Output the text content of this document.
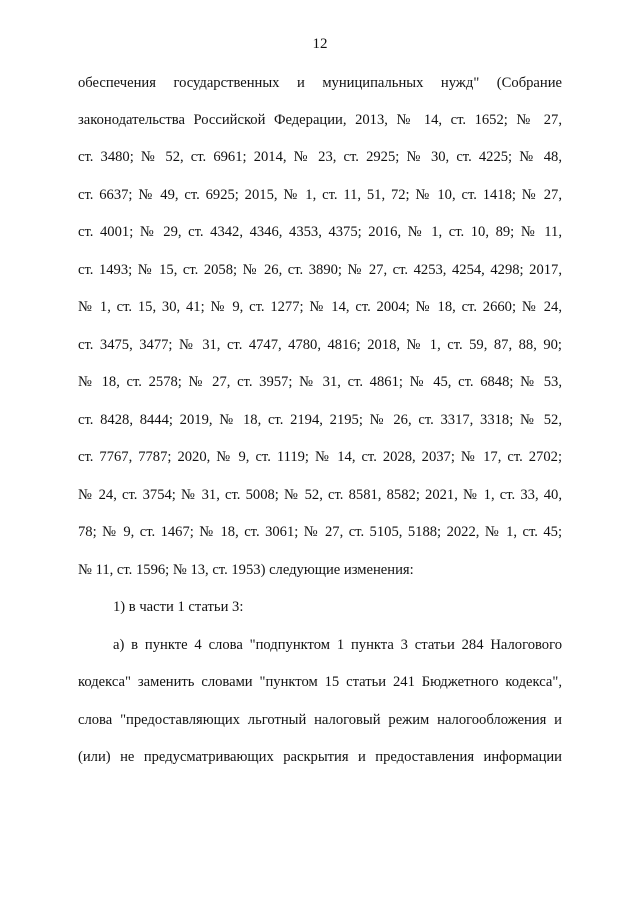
12
обеспечения государственных и муниципальных нужд" (Собрание
законодательства Российской Федерации, 2013, № 14, ст. 1652; № 27,
ст. 3480; № 52, ст. 6961; 2014, № 23, ст. 2925; № 30, ст. 4225; № 48,
ст. 6637; № 49, ст. 6925; 2015, № 1, ст. 11, 51, 72; № 10, ст. 1418; № 27,
ст. 4001; № 29, ст. 4342, 4346, 4353, 4375; 2016, № 1, ст. 10, 89; № 11,
ст. 1493; № 15, ст. 2058; № 26, ст. 3890; № 27, ст. 4253, 4254, 4298; 2017,
№ 1, ст. 15, 30, 41; № 9, ст. 1277; № 14, ст. 2004; № 18, ст. 2660; № 24,
ст. 3475, 3477; № 31, ст. 4747, 4780, 4816; 2018, № 1, ст. 59, 87, 88, 90;
№ 18, ст. 2578; № 27, ст. 3957; № 31, ст. 4861; № 45, ст. 6848; № 53,
ст. 8428, 8444; 2019, № 18, ст. 2194, 2195; № 26, ст. 3317, 3318; № 52,
ст. 7767, 7787; 2020, № 9, ст. 1119; № 14, ст. 2028, 2037; № 17, ст. 2702;
№ 24, ст. 3754; № 31, ст. 5008; № 52, ст. 8581, 8582; 2021, № 1, ст. 33, 40,
78; № 9, ст. 1467; № 18, ст. 3061; № 27, ст. 5105, 5188; 2022, № 1, ст. 45;
№ 11, ст. 1596; № 13, ст. 1953) следующие изменения:
1) в части 1 статьи 3:
а) в пункте 4 слова "подпунктом 1 пункта 3 статьи 284 Налогового
кодекса" заменить словами "пунктом 15 статьи 241 Бюджетного кодекса",
слова "предоставляющих льготный налоговый режим налогообложения и
(или) не предусматривающих раскрытия и предоставления информации
